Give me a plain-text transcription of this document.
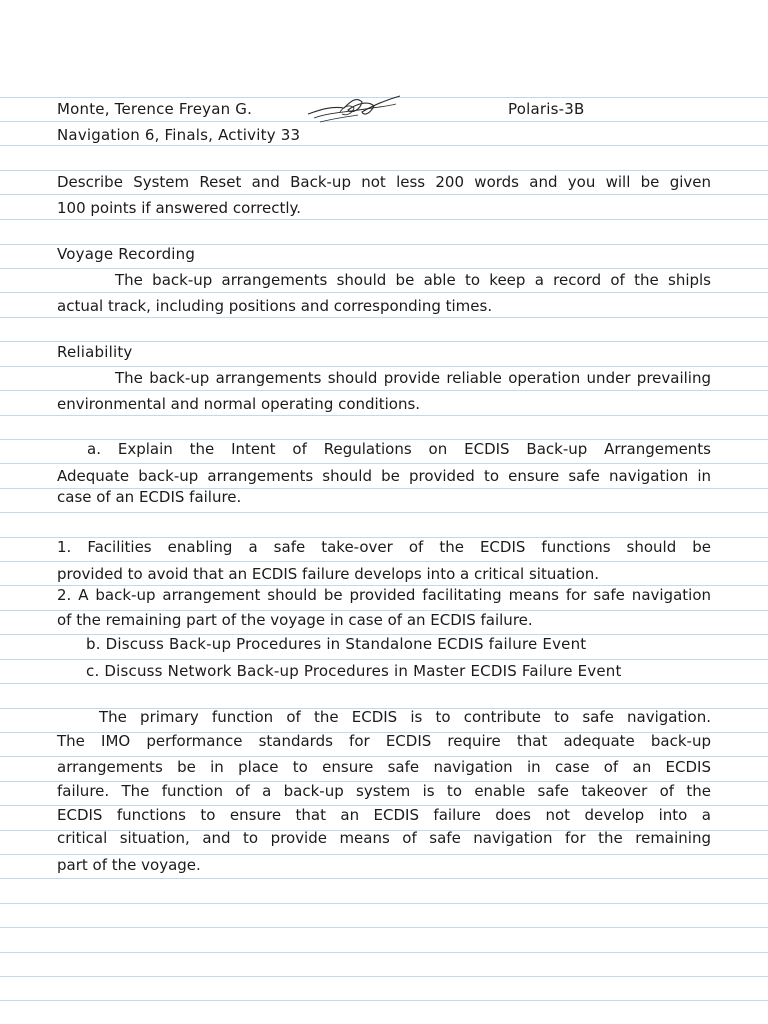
Monte, Terence Freyan G.	Polaris-3B
Navigation 6, Finals, Activity 33
Describe System Reset and Back-up not less 200 words and you will be given
100 points if answered correctly.
Voyage Recording
The back-up arrangements should be able to keep a record of the shipls
actual track, including positions and corresponding times.
Reliability
The back-up arrangements should provide reliable operation under prevailing
environmental and normal operating conditions.
a. Explain the Intent of Regulations on ECDIS Back-up Arrangements
Adequate back-up arrangements should be provided to ensure safe navigation in
case of an ECDIS failure.
1. Facilities enabling a safe take-over of the ECDIS functions should be
provided to avoid that an ECDIS failure develops into a critical situation.
2. A back-up arrangement should be provided facilitating means for safe navigation
of the remaining part of the voyage in case of an ECDIS failure.
b. Discuss Back-up Procedures in Standalone ECDIS failure Event
c. Discuss Network Back-up Procedures in Master ECDIS Failure Event
The primary function of the ECDIS is to contribute to safe navigation.
The IMO performance standards for ECDIS require that adequate back-up
arrangements be in place to ensure safe navigation in case of an ECDIS
failure. The function of a back-up system is to enable safe takeover of the
ECDIS functions to ensure that an ECDIS failure does not develop into a
critical situation, and to provide means of safe navigation for the remaining
part of the voyage.
